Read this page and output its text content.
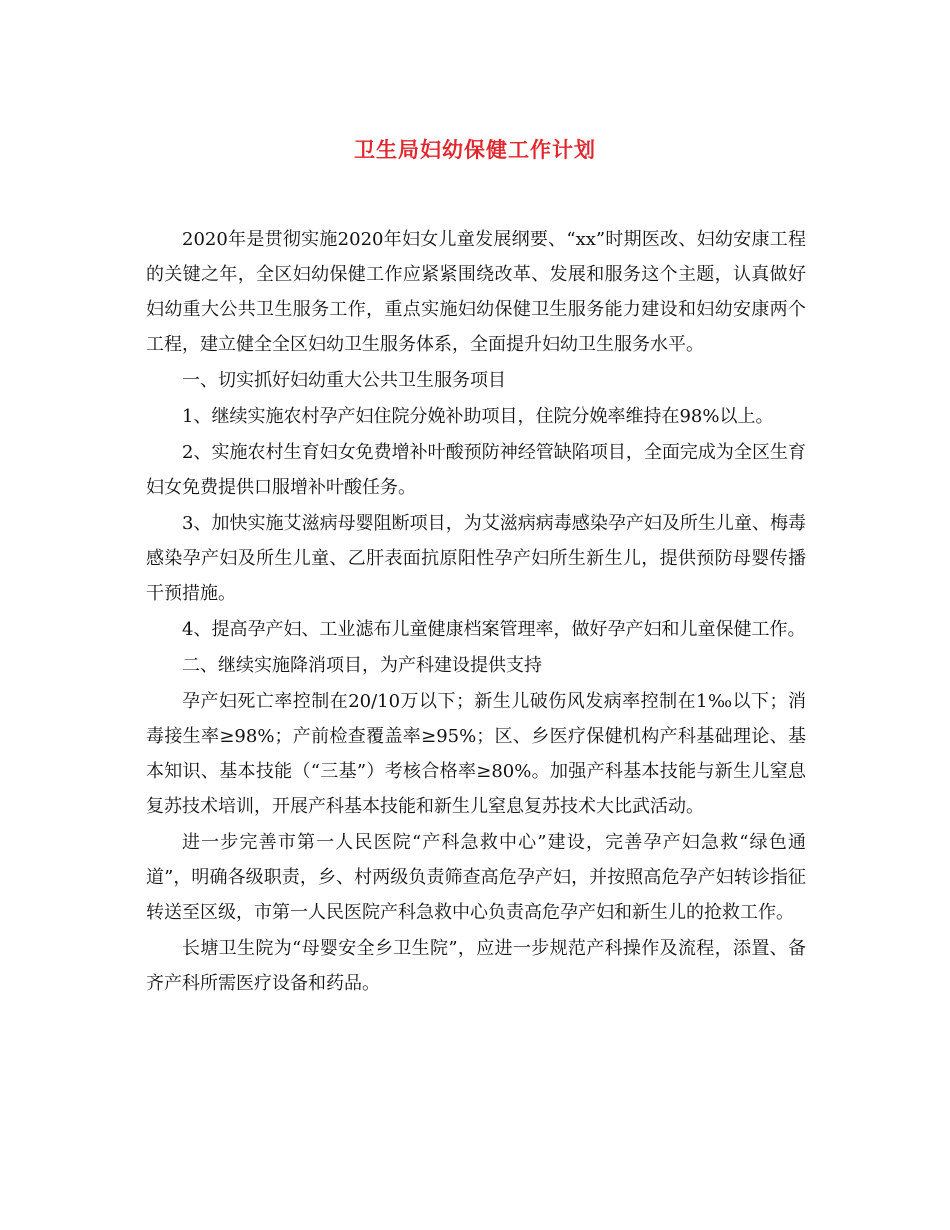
卫生局妇幼保健工作计划

2020年是贯彻实施2020年妇女儿童发展纲要、“xx”时期医改、妇幼安康工程的关键之年，全区妇幼保健工作应紧紧围绕改革、发展和服务这个主题，认真做好妇幼重大公共卫生服务工作，重点实施妇幼保健卫生服务能力建设和妇幼安康两个工程，建立健全全区妇幼卫生服务体系，全面提升妇幼卫生服务水平。

一、切实抓好妇幼重大公共卫生服务项目

1、继续实施农村孕产妇住院分娩补助项目，住院分娩率维持在98%以上。

2、实施农村生育妇女免费增补叶酸预防神经管缺陷项目，全面完成为全区生育妇女免费提供口服增补叶酸任务。

3、加快实施艾滋病母婴阻断项目，为艾滋病病毒感染孕产妇及所生儿童、梅毒感染孕产妇及所生儿童、乙肝表面抗原阳性孕产妇所生新生儿，提供预防母婴传播干预措施。

4、提高孕产妇、工业滤布儿童健康档案管理率，做好孕产妇和儿童保健工作。

二、继续实施降消项目，为产科建设提供支持

孕产妇死亡率控制在20/10万以下；新生儿破伤风发病率控制在1‰以下；消毒接生率≥98%；产前检查覆盖率≥95%；区、乡医疗保健机构产科基础理论、基本知识、基本技能（“三基”）考核合格率≥80%。加强产科基本技能与新生儿窒息复苏技术培训，开展产科基本技能和新生儿窒息复苏技术大比武活动。

进一步完善市第一人民医院“产科急救中心”建设，完善孕产妇急救“绿色通道”，明确各级职责，乡、村两级负责筛查高危孕产妇，并按照高危孕产妇转诊指征转送至区级，市第一人民医院产科急救中心负责高危孕产妇和新生儿的抢救工作。

长塘卫生院为“母婴安全乡卫生院”，应进一步规范产科操作及流程，添置、备齐产科所需医疗设备和药品。
